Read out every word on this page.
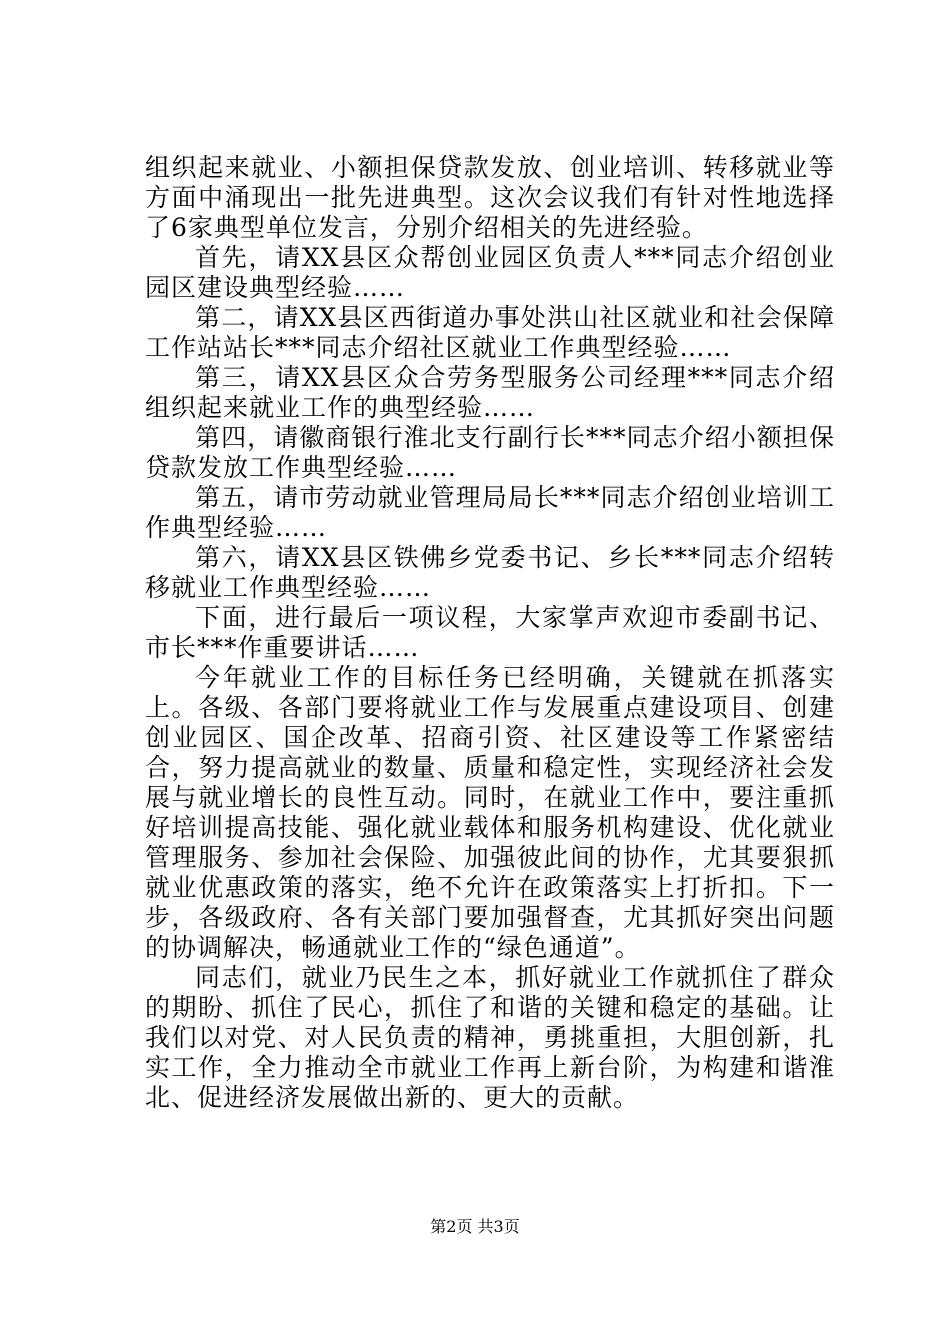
组织起来就业、小额担保贷款发放、创业培训、转移就业等方面中涌现出一批先进典型。这次会议我们有针对性地选择了6家典型单位发言，分别介绍相关的先进经验。

首先，请XX县区众帮创业园区负责人***同志介绍创业园区建设典型经验……

第二，请XX县区西街道办事处洪山社区就业和社会保障工作站站长***同志介绍社区就业工作典型经验……

第三，请XX县区众合劳务型服务公司经理***同志介绍组织起来就业工作的典型经验……

第四，请徽商银行淮北支行副行长***同志介绍小额担保贷款发放工作典型经验……

第五，请市劳动就业管理局局长***同志介绍创业培训工作典型经验……

第六，请XX县区铁佛乡党委书记、乡长***同志介绍转移就业工作典型经验……

下面，进行最后一项议程，大家掌声欢迎市委副书记、市长***作重要讲话……

今年就业工作的目标任务已经明确，关键就在抓落实上。各级、各部门要将就业工作与发展重点建设项目、创建创业园区、国企改革、招商引资、社区建设等工作紧密结合，努力提高就业的数量、质量和稳定性，实现经济社会发展与就业增长的良性互动。同时，在就业工作中，要注重抓好培训提高技能、强化就业载体和服务机构建设、优化就业管理服务、参加社会保险、加强彼此间的协作，尤其要狠抓就业优惠政策的落实，绝不允许在政策落实上打折扣。下一步，各级政府、各有关部门要加强督查，尤其抓好突出问题的协调解决，畅通就业工作的“绿色通道”。

同志们，就业乃民生之本，抓好就业工作就抓住了群众的期盼、抓住了民心，抓住了和谐的关键和稳定的基础。让我们以对党、对人民负责的精神，勇挑重担，大胆创新，扎实工作，全力推动全市就业工作再上新台阶，为构建和谐淮北、促进经济发展做出新的、更大的贡献。

第2页 共3页
